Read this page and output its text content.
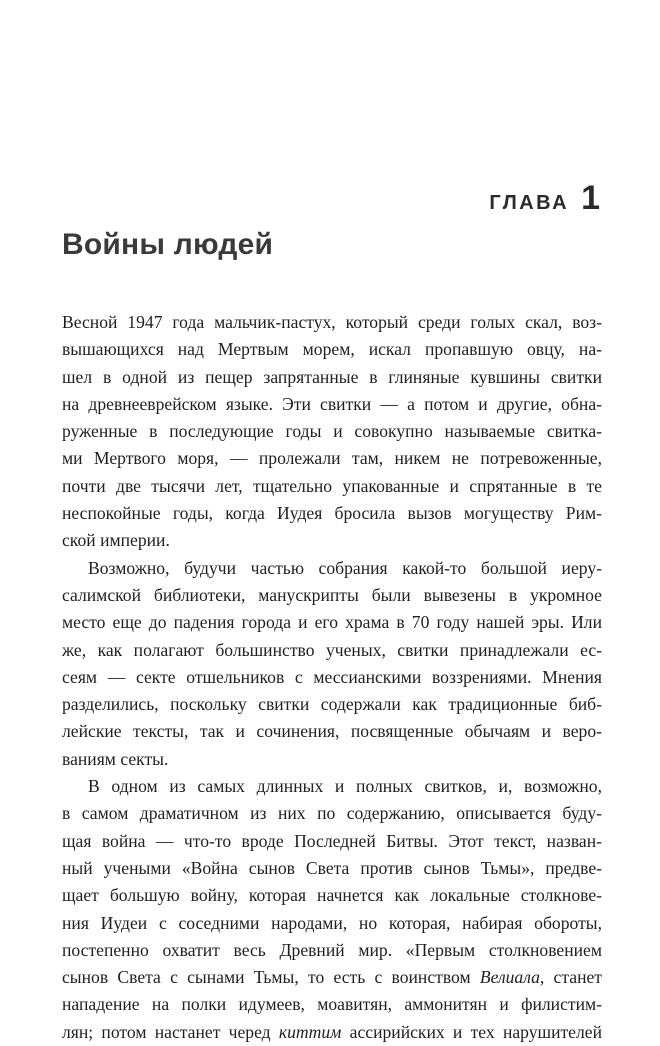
ГЛАВА 1
Войны людей
Весной 1947 года мальчик-пастух, который среди голых скал, воз-
вышающихся над Мертвым морем, искал пропавшую овцу, на-
шел в одной из пещер запрятанные в глиняные кувшины свитки
на древнееврейском языке. Эти свитки — а потом и другие, обна-
руженные в последующие годы и совокупно называемые свитка-
ми Мертвого моря, — пролежали там, никем не потревоженные,
почти две тысячи лет, тщательно упакованные и спрятанные в те
неспокойные годы, когда Иудея бросила вызов могуществу Рим-
ской империи.
Возможно, будучи частью собрания какой-то большой иеру-
салимской библиотеки, манускрипты были вывезены в укромное
место еще до падения города и его храма в 70 году нашей эры. Или
же, как полагают большинство ученых, свитки принадлежали ес-
сеям — секте отшельников с мессианскими воззрениями. Мнения
разделились, поскольку свитки содержали как традиционные биб-
лейские тексты, так и сочинения, посвященные обычаям и веро-
ваниям секты.
В одном из самых длинных и полных свитков, и, возможно,
в самом драматичном из них по содержанию, описывается буду-
щая война — что-то вроде Последней Битвы. Этот текст, назван-
ный учеными «Война сынов Света против сынов Тьмы», предве-
щает большую войну, которая начнется как локальные столкнове-
ния Иудеи с соседними народами, но которая, набирая обороты,
постепенно охватит весь Древний мир. «Первым столкновением
сынов Света с сынами Тьмы, то есть с воинством Велиала, станет
нападение на полки идумеев, моавитян, аммонитян и филистим-
лян; потом настанет черед киттим ассирийских и тех нарушителей
